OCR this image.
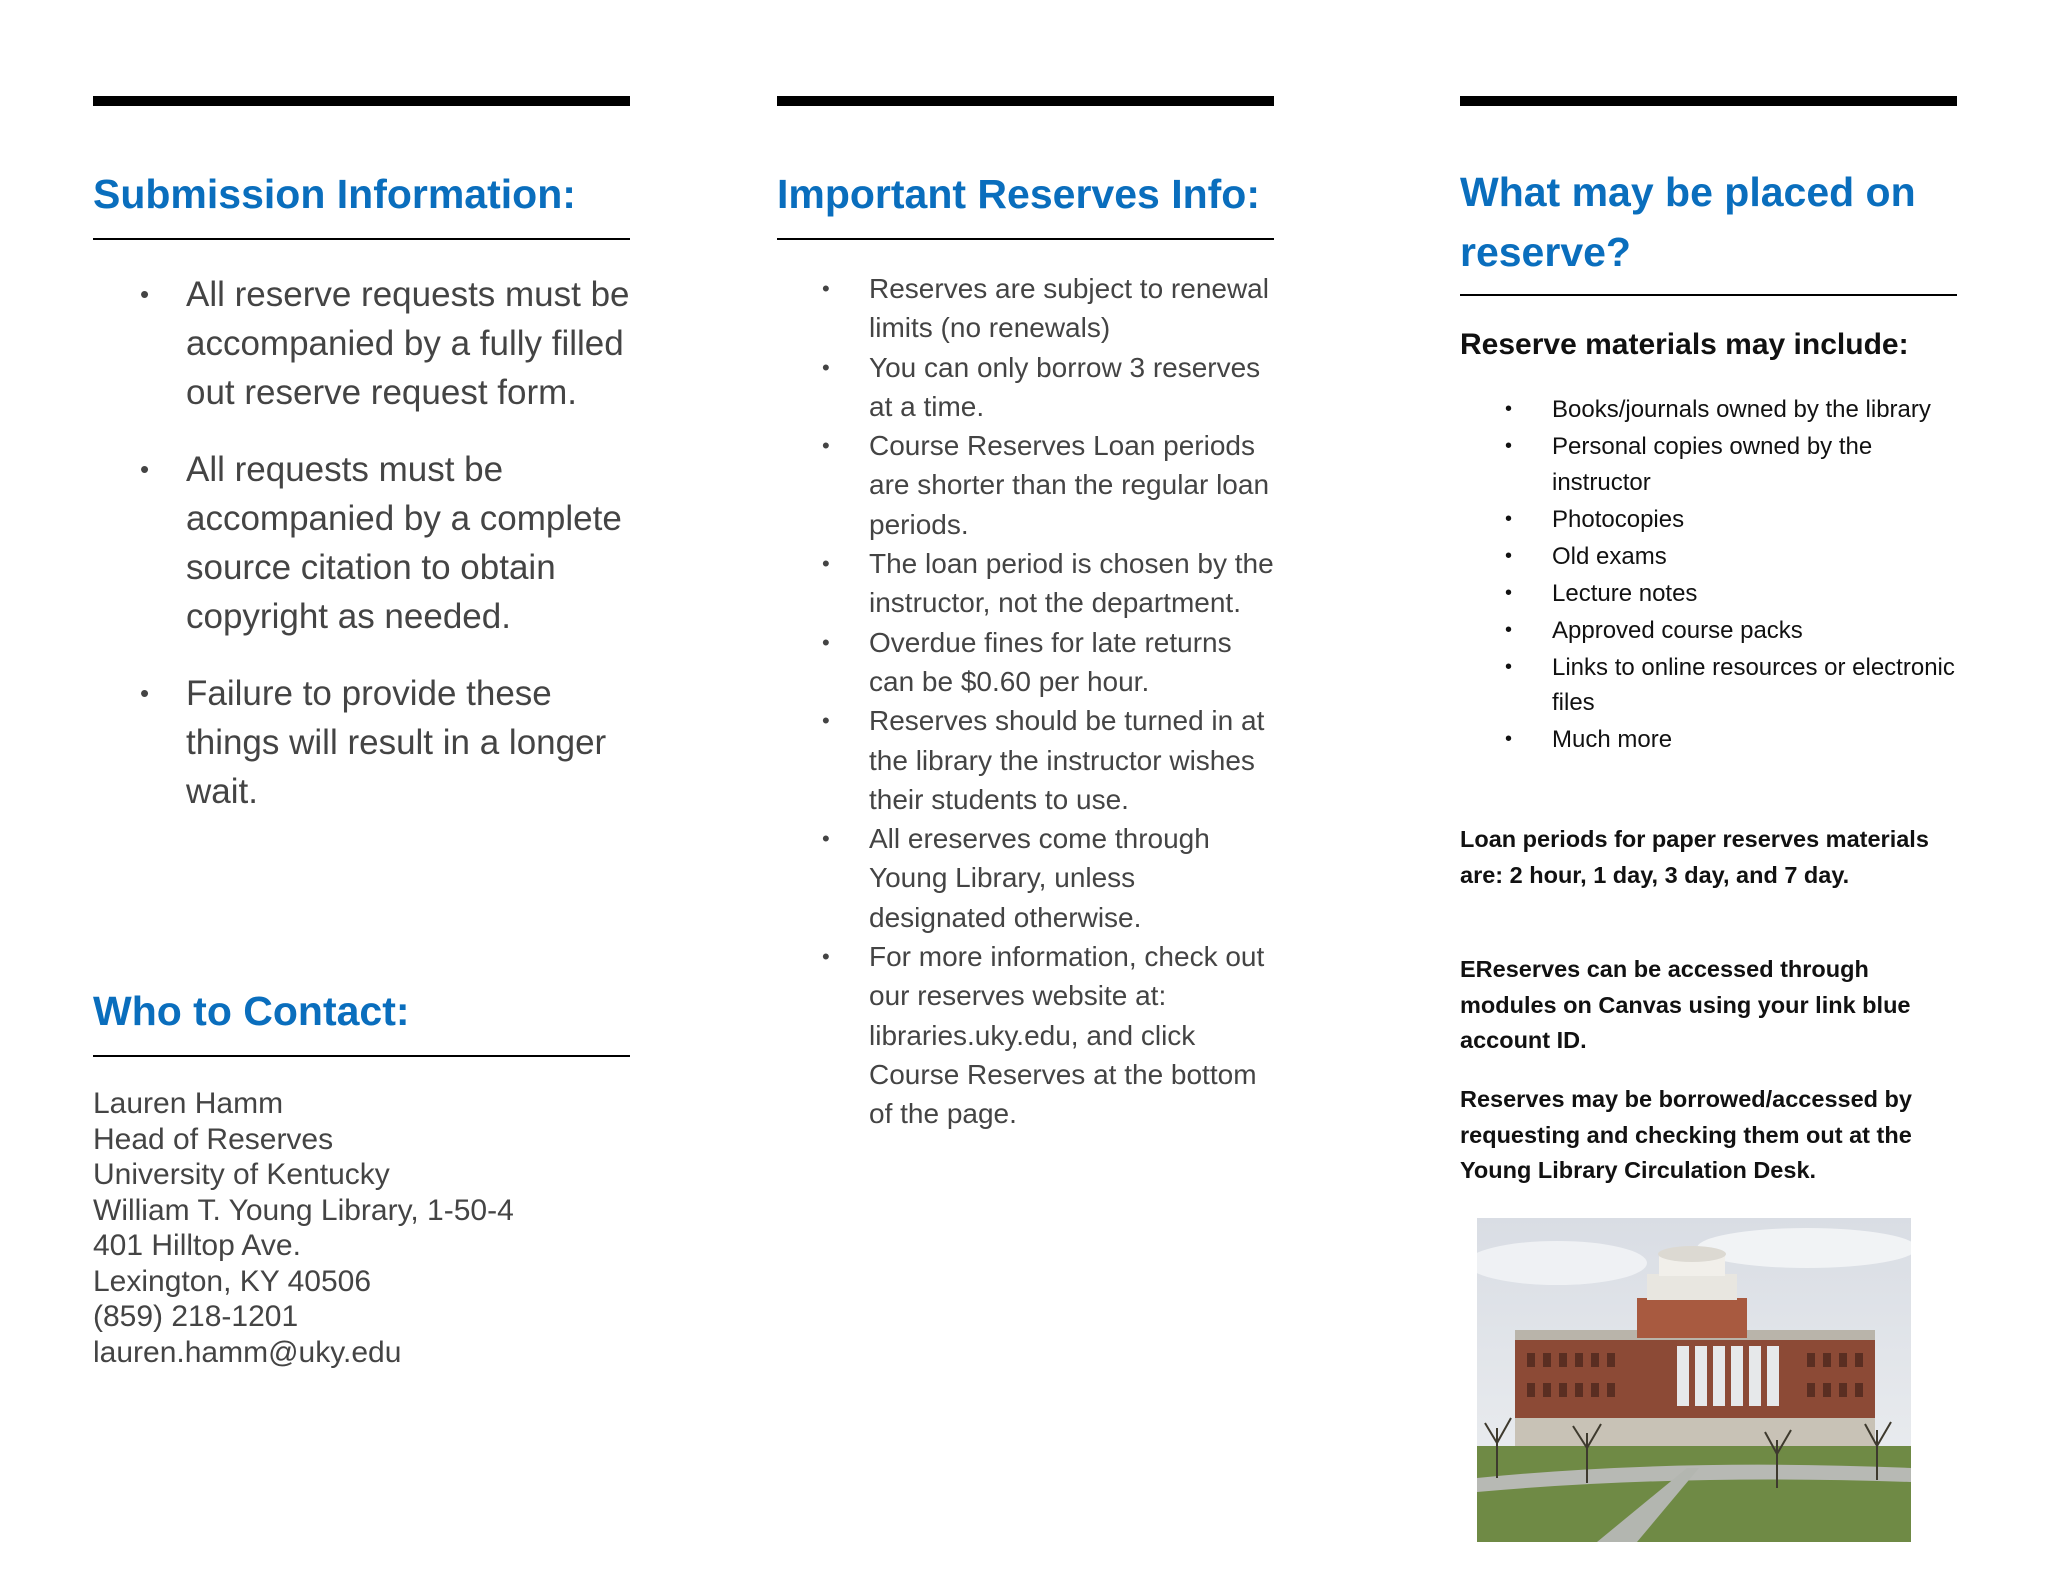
Submission Information:
• All reserve requests must be accompanied by a fully filled out reserve request form.
• All requests must be accompanied by a complete source citation to obtain copyright as needed.
• Failure to provide these things will result in a longer wait.
Who to Contact:
Lauren Hamm
Head of Reserves
University of Kentucky
William T. Young Library, 1-50-4
401 Hilltop Ave.
Lexington, KY 40506
(859) 218-1201
lauren.hamm@uky.edu
Important Reserves Info:
• Reserves are subject to renewal limits (no renewals)
• You can only borrow 3 reserves at a time.
• Course Reserves Loan periods are shorter than the regular loan periods.
• The loan period is chosen by the instructor, not the department.
• Overdue fines for late returns can be $0.60 per hour.
• Reserves should be turned in at the library the instructor wishes their students to use.
• All ereserves come through Young Library, unless designated otherwise.
• For more information, check out our reserves website at: libraries.uky.edu, and click Course Reserves at the bottom of the page.
What may be placed on reserve?
Reserve materials may include:
• Books/journals owned by the library
• Personal copies owned by the instructor
• Photocopies
• Old exams
• Lecture notes
• Approved course packs
• Links to online resources or electronic files
• Much more
Loan periods for paper reserves materials are: 2 hour, 1 day, 3 day, and 7 day.
EReserves can be accessed through modules on Canvas using your link blue account ID.
Reserves may be borrowed/accessed by requesting and checking them out at the Young Library Circulation Desk.
